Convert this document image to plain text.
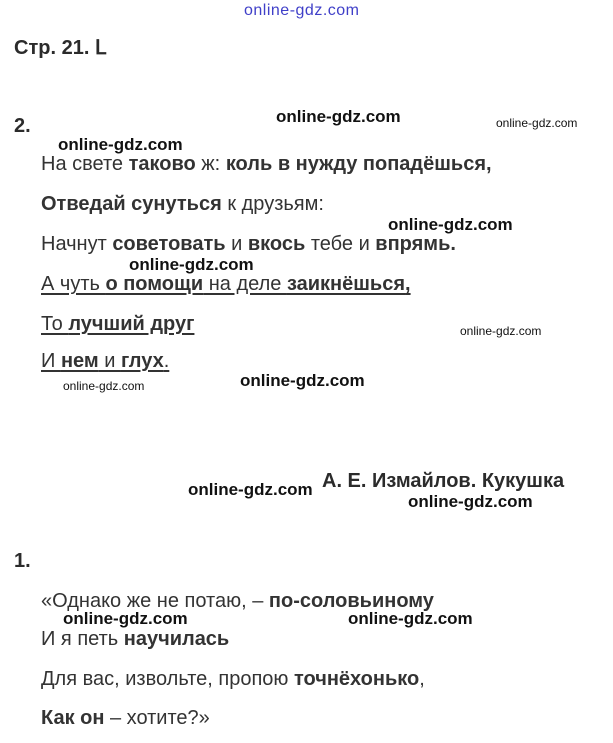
online-gdz.com
Стр. 21. Ⅼ
2.
На свете таково ж: коль в нужду попадёшься,
Отведай сунуться к друзьям:
Начнут советовать и вкось тебе и впрямь.
А чуть о помощи на деле заикнёшься,
То лучший друг
И нем и глух.
А. Е. Измайлов. Кукушка
1.
«Однако же не потаю, – по-соловьиному
И я петь научилась
Для вас, извольте, пропою точнёхонько,
Как он – хотите?»
online-gdz.com	online-gdz.com
online-gdz.com
online-gdz.com
online-gdz.com
online-gdz.com
online-gdz.com	online-gdz.com
online-gdz.com
online-gdz.com
online-gdz.com	online-gdz.com
